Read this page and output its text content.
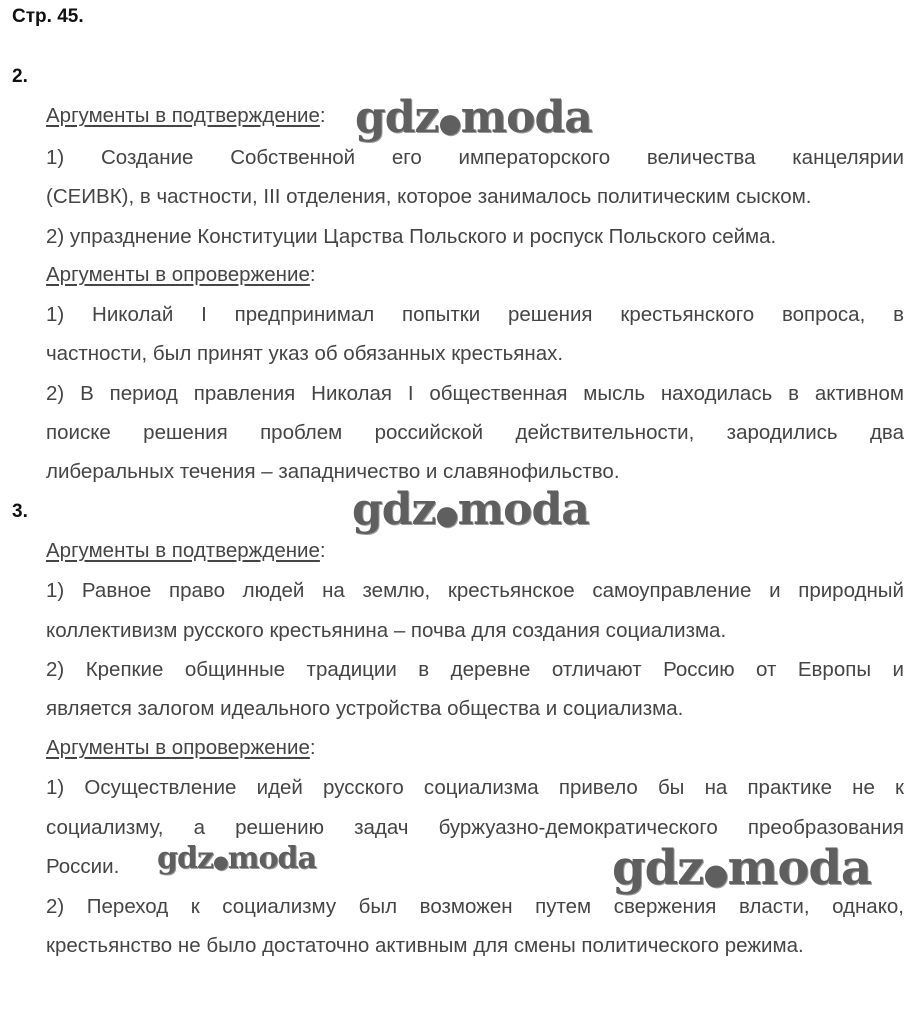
Стр. 45.
2.
Аргументы в подтверждение:
1) Создание Собственной его императорского величества канцелярии
(СЕИВК), в частности, III отделения, которое занималось политическим сыском.
2) упразднение Конституции Царства Польского и роспуск Польского сейма.
Аргументы в опровержение:
1) Николай I предпринимал попытки решения крестьянского вопроса, в
частности, был принят указ об обязанных крестьянах.
2) В период правления Николая I общественная мысль находилась в активном
поиске решения проблем российской действительности, зародились два
либеральных течения – западничество и славянофильство.
3.
Аргументы в подтверждение:
1) Равное право людей на землю, крестьянское самоуправление и природный
коллективизм русского крестьянина – почва для создания социализма.
2) Крепкие общинные традиции в деревне отличают Россию от Европы и
является залогом идеального устройства общества и социализма.
Аргументы в опровержение:
1) Осуществление идей русского социализма привело бы на практике не к
социализму, а решению задач буржуазно-демократического преобразования
России.
2) Переход к социализму был возможен путем свержения власти, однако,
крестьянство не было достаточно активным для смены политического режима.
gdz●moda
gdz●moda
gdz●moda	gdz●moda
